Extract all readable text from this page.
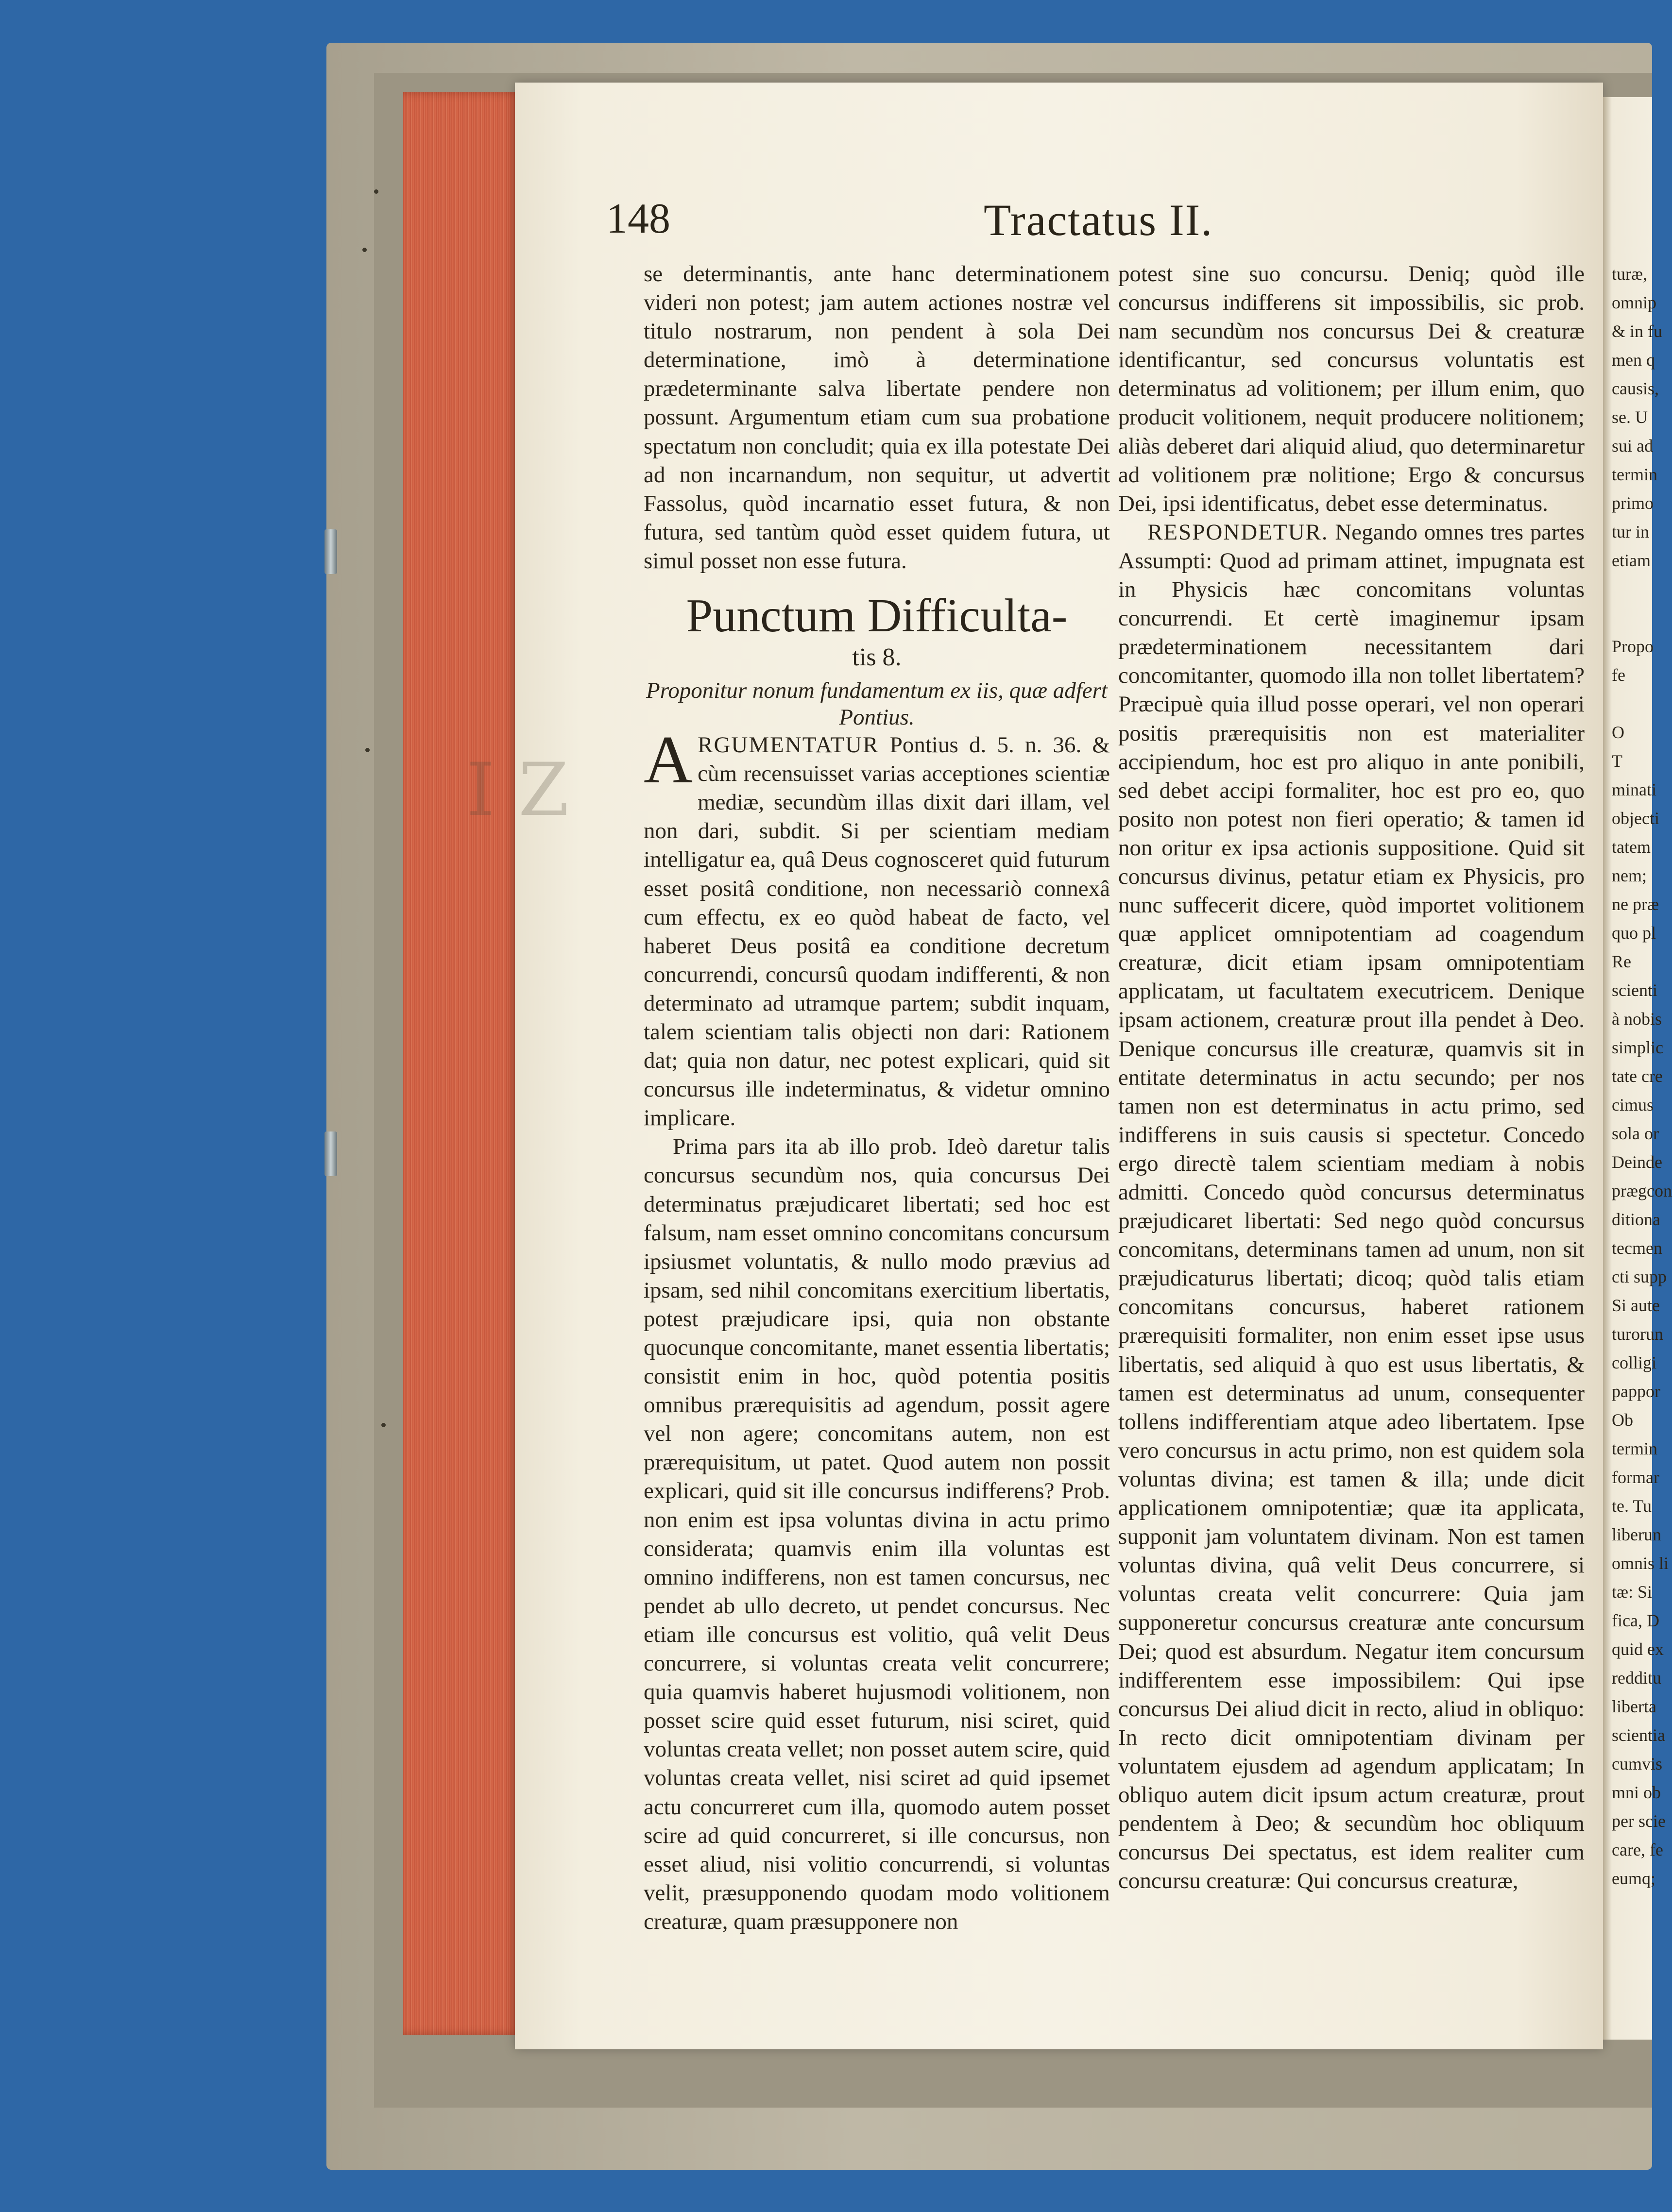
I Z
148	Tractatus II.

se determinantis, ante hanc determinationem videri non potest; jam autem actiones nostræ vel titulo nostrarum, non pendent à sola Dei determinatione, imò à determinatione prædeterminante salva libertate pendere non possunt. Argumentum etiam cum sua probatione spectatum non concludit; quia ex illa potestate Dei ad non incarnandum, non sequitur, ut advertit Fassolus, quòd incarnatio esset futura, & non futura, sed tantùm quòd esset quidem futura, ut simul posset non esse futura.

Punctum Difficulta-
tis 8.

Proponitur nonum fundamentum ex iis, quæ adfert Pontius.

A RGUMENTATUR Pontius d. 5. n. 36. & cùm recensuisset varias acceptiones scientiæ mediæ, secundùm illas dixit dari illam, vel non dari, subdit. Si per scientiam mediam intelligatur ea, quâ Deus cognosceret quid futurum esset positâ conditione, non necessariò connexâ cum effectu, ex eo quòd habeat de facto, vel haberet Deus positâ ea conditione decretum concurrendi, concursû quodam indifferenti, & non determinato ad utramque partem; subdit inquam, talem scientiam talis objecti non dari: Rationem dat; quia non datur, nec potest explicari, quid sit concursus ille indeterminatus, & videtur omnino implicare.

Prima pars ita ab illo prob. Ideò daretur talis concursus secundùm nos, quia concursus Dei determinatus præjudicaret libertati; sed hoc est falsum, nam esset omnino concomitans concursum ipsiusmet voluntatis, & nullo modo prævius ad ipsam, sed nihil concomitans exercitium libertatis, potest præjudicare ipsi, quia non obstante quocunque concomitante, manet essentia libertatis; consistit enim in hoc, quòd potentia positis omnibus prærequisitis ad agendum, possit agere vel non agere; concomitans autem, non est prærequisitum, ut patet. Quod autem non possit explicari, quid sit ille concursus indifferens? Prob. non enim est ipsa voluntas divina in actu primo considerata; quamvis enim illa voluntas est omnino indifferens, non est tamen concursus, nec pendet ab ullo decreto, ut pendet concursus. Nec etiam ille concursus est volitio, quâ velit Deus concurrere, si voluntas creata velit concurrere; quia quamvis haberet hujusmodi volitionem, non posset scire quid esset futurum, nisi sciret, quid voluntas creata vellet; non posset autem scire, quid voluntas creata vellet, nisi sciret ad quid ipsemet actu concurreret cum illa, quomodo autem posset scire ad quid concurreret, si ille concursus, non esset aliud, nisi volitio concurrendi, si voluntas velit, præsupponendo quodam modo volitionem creaturæ, quam præsupponere non

potest sine suo concursu. Deniq; quòd ille concursus indifferens sit impossibilis, sic prob. nam secundùm nos concursus Dei & creaturæ identificantur, sed concursus voluntatis est determinatus ad volitionem; per illum enim, quo producit volitionem, nequit producere nolitionem; aliàs deberet dari aliquid aliud, quo determinaretur ad volitionem præ nolitione; Ergo & concursus Dei, ipsi identificatus, debet esse determinatus.

RESPONDETUR. Negando omnes tres partes Assumpti: Quod ad primam attinet, impugnata est in Physicis hæc concomitans voluntas concurrendi. Et certè imaginemur ipsam prædeterminationem necessitantem dari concomitanter, quomodo illa non tollet libertatem? Præcipuè quia illud posse operari, vel non operari positis prærequisitis non est materialiter accipiendum, hoc est pro aliquo in ante ponibili, sed debet accipi formaliter, hoc est pro eo, quo posito non potest non fieri operatio; & tamen id non oritur ex ipsa actionis suppositione. Quid sit concursus divinus, petatur etiam ex Physicis, pro nunc suffecerit dicere, quòd importet volitionem quæ applicet omnipotentiam ad coagendum creaturæ, dicit etiam ipsam omnipotentiam applicatam, ut facultatem executricem. Denique ipsam actionem, creaturæ prout illa pendet à Deo. Denique concursus ille creaturæ, quamvis sit in entitate determinatus in actu secundo; per nos tamen non est determinatus in actu primo, sed indifferens in suis causis si spectetur. Concedo ergo directè talem scientiam mediam à nobis admitti. Concedo quòd concursus determinatus præjudicaret libertati: Sed nego quòd concursus concomitans, determinans tamen ad unum, non sit præjudicaturus libertati; dicoq; quòd talis etiam concomitans concursus, haberet rationem prærequisiti formaliter, non enim esset ipse usus libertatis, sed aliquid à quo est usus libertatis, & tamen est determinatus ad unum, consequenter tollens indifferentiam atque adeo libertatem. Ipse vero concursus in actu primo, non est quidem sola voluntas divina; est tamen & illa; unde dicit applicationem omnipotentiæ; quæ ita applicata, supponit jam voluntatem divinam. Non est tamen voluntas divina, quâ velit Deus concurrere, si voluntas creata velit concurrere: Quia jam supponeretur concursus creaturæ ante concursum Dei; quod est absurdum. Negatur item concursum indifferentem esse impossibilem: Qui ipse concursus Dei aliud dicit in recto, aliud in obliquo: In recto dicit omnipotentiam divinam per voluntatem ejusdem ad agendum applicatam; In obliquo autem dicit ipsum actum creaturæ, prout pendentem à Deo; & secundùm hoc obliquum concursus Dei spectatus, est idem realiter cum concursu creaturæ: Qui concursus creaturæ,

turæ,
omnip
& in fu
men q
causis,
se. U
sui ad
termin
primo
tur in
etiam

Propo
fe

O
T
minati
objecti
tatem
nem;
ne præ
quo pl
Re
scienti
à nobis
simplic
tate cre
cimus
sola or
Deinde
prægcon
ditiona
tecmen
cti supp
Si aute
turorun
colligi
pappor
Ob
termin
formar
te. Tu
liberun
omnis li
tæ: Si
fica, D
quid ex
redditu
liberta
scientia
cumvis
mni ob
per scie
care, fe
eumq;
